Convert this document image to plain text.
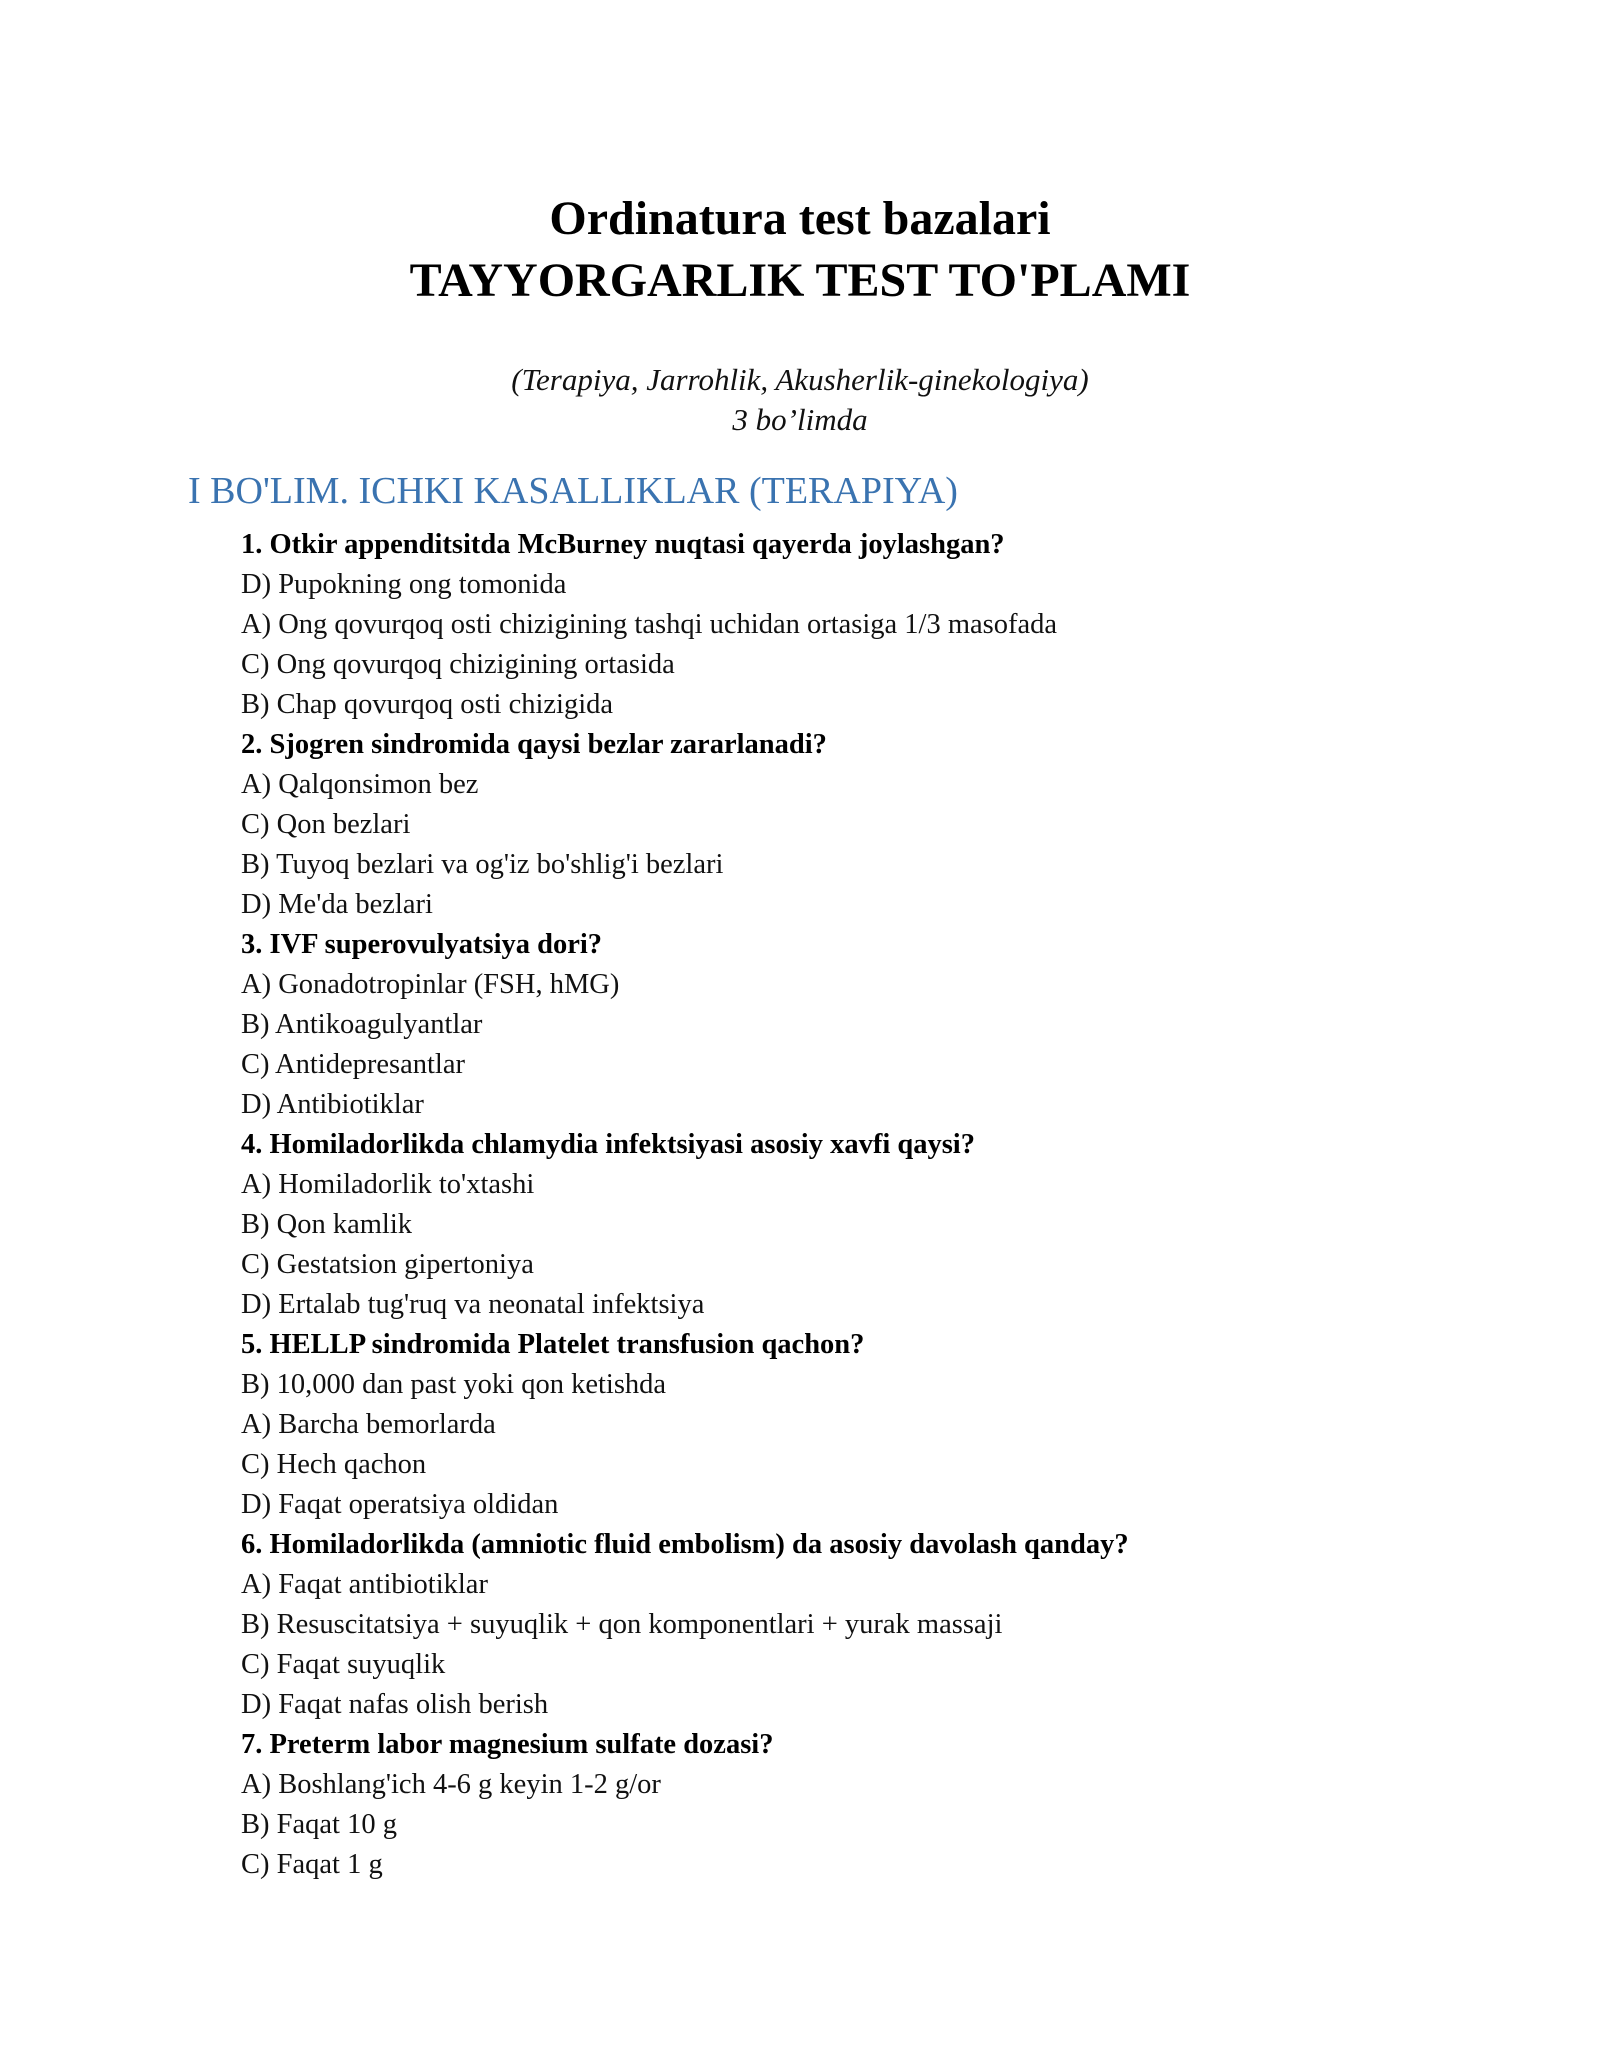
Ordinatura test bazalari

TAYYORGARLIK TEST TO'PLAMI

(Terapiya, Jarrohlik, Akusherlik-ginekologiya)

3 bo’limda

I BO'LIM. ICHKI KASALLIKLAR (TERAPIYA)

1. Otkir appenditsitda McBurney nuqtasi qayerda joylashgan?

D) Pupokning ong tomonida

A) Ong qovurqoq osti chizigining tashqi uchidan ortasiga 1/3 masofada

C) Ong qovurqoq chizigining ortasida

B) Chap qovurqoq osti chizigida

2. Sjogren sindromida qaysi bezlar zararlanadi?

A) Qalqonsimon bez

C) Qon bezlari

B) Tuyoq bezlari va og'iz bo'shlig'i bezlari

D) Me'da bezlari

3. IVF superovulyatsiya dori?

A) Gonadotropinlar (FSH, hMG)

B) Antikoagulyantlar

C) Antidepresantlar

D) Antibiotiklar

4. Homiladorlikda chlamydia infektsiyasi asosiy xavfi qaysi?

A) Homiladorlik to'xtashi

B) Qon kamlik

C) Gestatsion gipertoniya

D) Ertalab tug'ruq va neonatal infektsiya

5. HELLP sindromida Platelet transfusion qachon?

B) 10,000 dan past yoki qon ketishda

A) Barcha bemorlarda

C) Hech qachon

D) Faqat operatsiya oldidan

6. Homiladorlikda (amniotic fluid embolism) da asosiy davolash qanday?

A) Faqat antibiotiklar

B) Resuscitatsiya + suyuqlik + qon komponentlari + yurak massaji

C) Faqat suyuqlik

D) Faqat nafas olish berish

7. Preterm labor magnesium sulfate dozasi?

A) Boshlang'ich 4-6 g keyin 1-2 g/or

B) Faqat 10 g

C) Faqat 1 g
